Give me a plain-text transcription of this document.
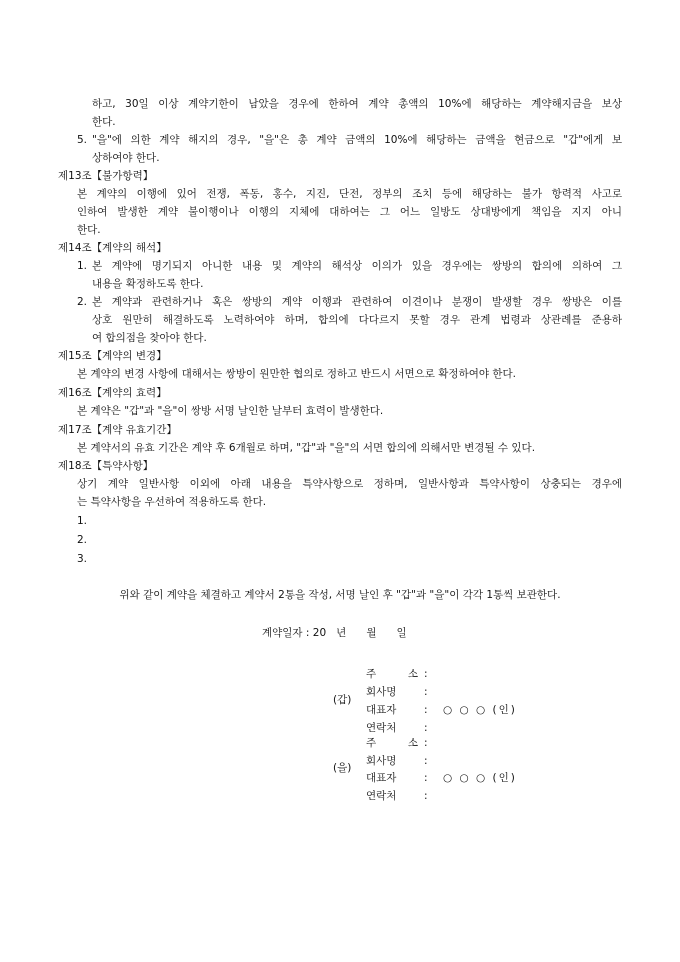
하고, 30일 이상 계약기한이 남았을 경우에 한하여 계약 총액의 10%에 해당하는 계약해지금을 보상
한다.
5. "을"에 의한 계약 해지의 경우, "을"은 총 계약 금액의 10%에 해당하는 금액을 현금으로 "갑"에게 보
상하여야 한다.
제13조【불가항력】
본 계약의 이행에 있어 전쟁, 폭동, 홍수, 지진, 단전, 정부의 조치 등에 해당하는 불가 항력적 사고로
인하여 발생한 계약 불이행이나 이행의 지체에 대하여는 그 어느 일방도 상대방에게 책임을 지지 아니
한다.
제14조【계약의 해석】
1. 본 계약에 명기되지 아니한 내용 및 계약의 해석상 이의가 있을 경우에는 쌍방의 합의에 의하여 그
내용을 확정하도록 한다.
2. 본 계약과 관련하거나 혹은 쌍방의 계약 이행과 관련하여 이견이나 분쟁이 발생할 경우 쌍방은 이를
상호 원만히 해결하도록 노력하여야 하며, 합의에 다다르지 못할 경우 관계 법령과 상관례를 준용하
여 합의점을 찾아야 한다.
제15조【계약의 변경】
본 계약의 변경 사항에 대해서는 쌍방이 원만한 협의로 정하고 반드시 서면으로 확정하여야 한다.
제16조【계약의 효력】
본 계약은 "갑"과 "을"이 쌍방 서명 날인한 날부터 효력이 발생한다.
제17조【계약 유효기간】
본 계약서의 유효 기간은 계약 후 6개월로 하며, "갑"과 "을"의 서면 합의에 의해서만 변경될 수 있다.
제18조【특약사항】
상기 계약 일반사항 이외에 아래 내용을 특약사항으로 정하며, 일반사항과 특약사항이 상충되는 경우에
는 특약사항을 우선하여 적용하도록 한다.
1.
2.
3.
위와 같이 계약을 체결하고 계약서 2통을 작성, 서명 날인 후 "갑"과 "을"이 각각 1통씩 보관한다.
계약일자 : 20   년      월      일
(갑)
주 소 :
회사명	:
대표자	: ○ ○ ○ (인)
연락처	:
(을)
주 소 :
회사명	:
대표자	: ○ ○ ○ (인)
연락처	:
